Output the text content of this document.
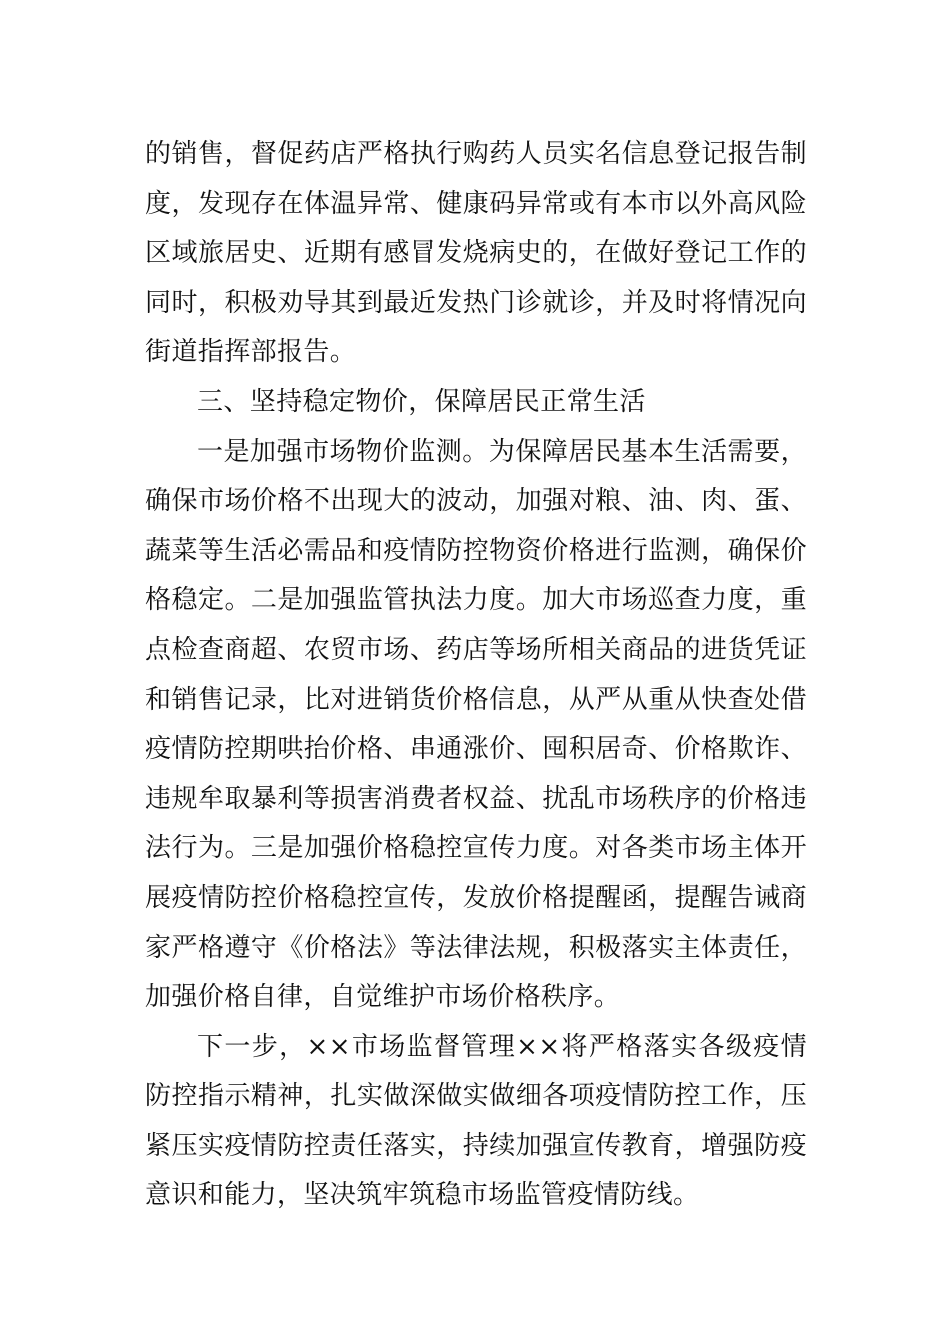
的销售，督促药店严格执行购药人员实名信息登记报告制度，发现存在体温异常、健康码异常或有本市以外高风险区域旅居史、近期有感冒发烧病史的，在做好登记工作的同时，积极劝导其到最近发热门诊就诊，并及时将情况向街道指挥部报告。

三、坚持稳定物价，保障居民正常生活

一是加强市场物价监测。为保障居民基本生活需要，确保市场价格不出现大的波动，加强对粮、油、肉、蛋、蔬菜等生活必需品和疫情防控物资价格进行监测，确保价格稳定。二是加强监管执法力度。加大市场巡查力度，重点检查商超、农贸市场、药店等场所相关商品的进货凭证和销售记录，比对进销货价格信息，从严从重从快查处借疫情防控期哄抬价格、串通涨价、囤积居奇、价格欺诈、违规牟取暴利等损害消费者权益、扰乱市场秩序的价格违法行为。三是加强价格稳控宣传力度。对各类市场主体开展疫情防控价格稳控宣传，发放价格提醒函，提醒告诫商家严格遵守《价格法》等法律法规，积极落实主体责任，加强价格自律，自觉维护市场价格秩序。

下一步，××市场监督管理××将严格落实各级疫情防控指示精神，扎实做深做实做细各项疫情防控工作，压紧压实疫情防控责任落实，持续加强宣传教育，增强防疫意识和能力，坚决筑牢筑稳市场监管疫情防线。
